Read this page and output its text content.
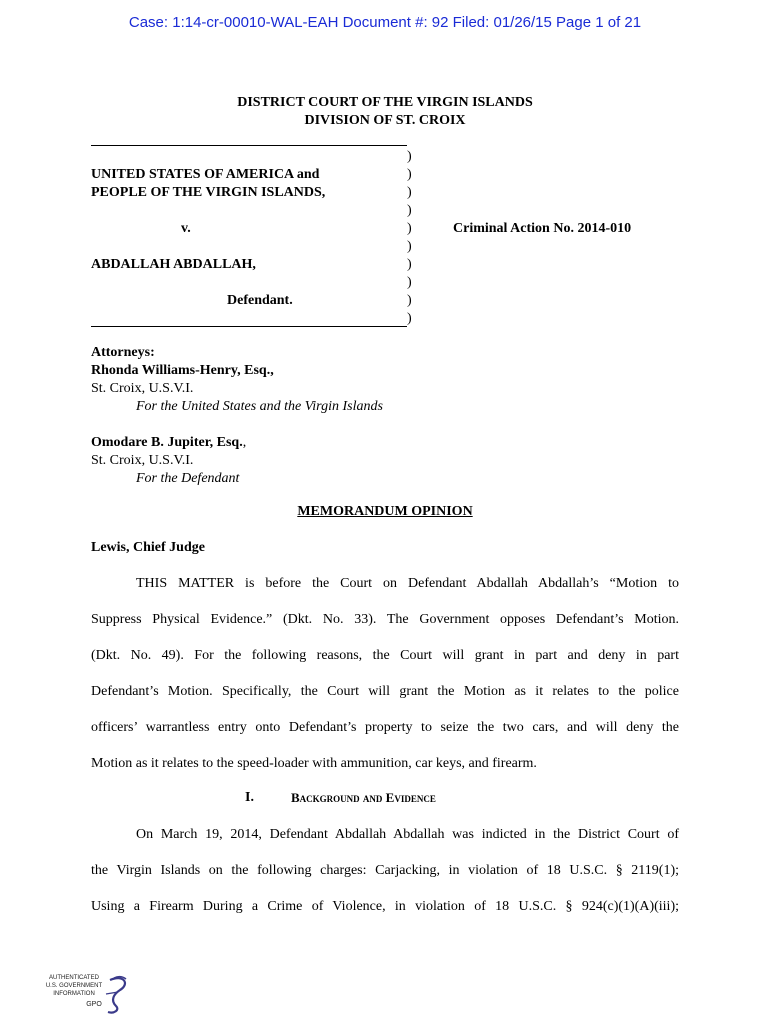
Case: 1:14-cr-00010-WAL-EAH Document #: 92 Filed: 01/26/15 Page 1 of 21
DISTRICT COURT OF THE VIRGIN ISLANDS
DIVISION OF ST. CROIX
)
)
)
)
)
)
)
)
)
)
UNITED STATES OF AMERICA and
PEOPLE OF THE VIRGIN ISLANDS,
v.	Criminal Action No. 2014-010
ABDALLAH ABDALLAH,
Defendant.
Attorneys:
Rhonda Williams-Henry, Esq.,
St. Croix, U.S.V.I.
For the United States and the Virgin Islands
Omodare B. Jupiter, Esq.,
St. Croix, U.S.V.I.
For the Defendant
MEMORANDUM OPINION
Lewis, Chief Judge
THIS MATTER is before the Court on Defendant Abdallah Abdallah’s “Motion to
Suppress Physical Evidence.” (Dkt. No. 33). The Government opposes Defendant’s Motion.
(Dkt. No. 49). For the following reasons, the Court will grant in part and deny in part
Defendant’s Motion. Specifically, the Court will grant the Motion as it relates to the police
officers’ warrantless entry onto Defendant’s property to seize the two cars, and will deny the
Motion as it relates to the speed-loader with ammunition, car keys, and firearm.
I.	Background and Evidence
On March 19, 2014, Defendant Abdallah Abdallah was indicted in the District Court of
the Virgin Islands on the following charges: Carjacking, in violation of 18 U.S.C. § 2119(1);
Using a Firearm During a Crime of Violence, in violation of 18 U.S.C. § 924(c)(1)(A)(iii);
AUTHENTICATED
U.S. GOVERNMENT
INFORMATION
GPO
